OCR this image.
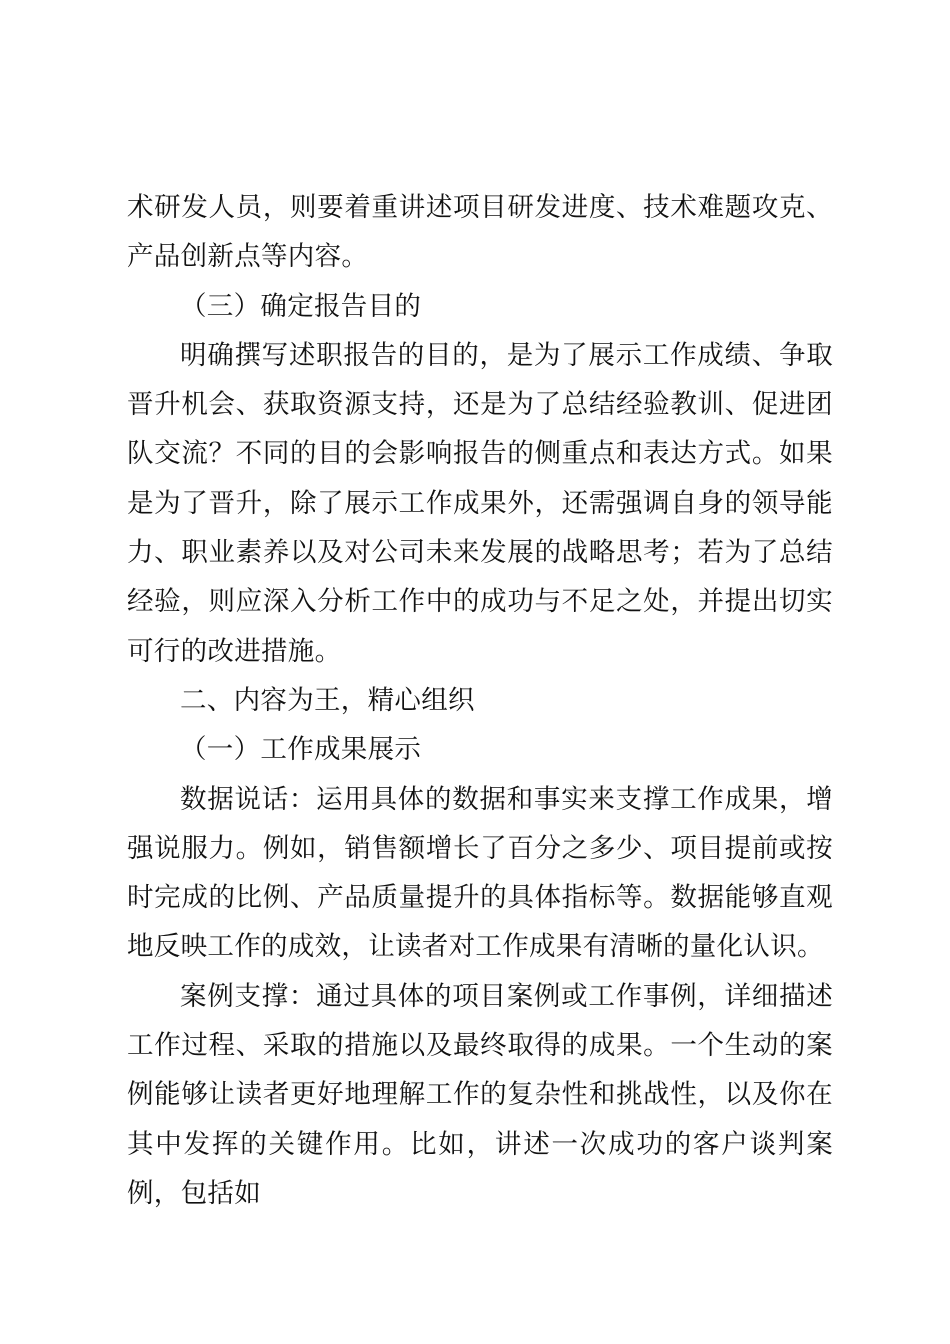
术研发人员，则要着重讲述项目研发进度、技术难题攻克、产品创新点等内容。

（三）确定报告目的

明确撰写述职报告的目的，是为了展示工作成绩、争取晋升机会、获取资源支持，还是为了总结经验教训、促进团队交流？不同的目的会影响报告的侧重点和表达方式。如果是为了晋升，除了展示工作成果外，还需强调自身的领导能力、职业素养以及对公司未来发展的战略思考；若为了总结经验，则应深入分析工作中的成功与不足之处，并提出切实可行的改进措施。

二、内容为王，精心组织

（一）工作成果展示

数据说话：运用具体的数据和事实来支撑工作成果，增强说服力。例如，销售额增长了百分之多少、项目提前或按时完成的比例、产品质量提升的具体指标等。数据能够直观地反映工作的成效，让读者对工作成果有清晰的量化认识。

案例支撑：通过具体的项目案例或工作事例，详细描述工作过程、采取的措施以及最终取得的成果。一个生动的案例能够让读者更好地理解工作的复杂性和挑战性，以及你在其中发挥的关键作用。比如，讲述一次成功的客户谈判案例，包括如
